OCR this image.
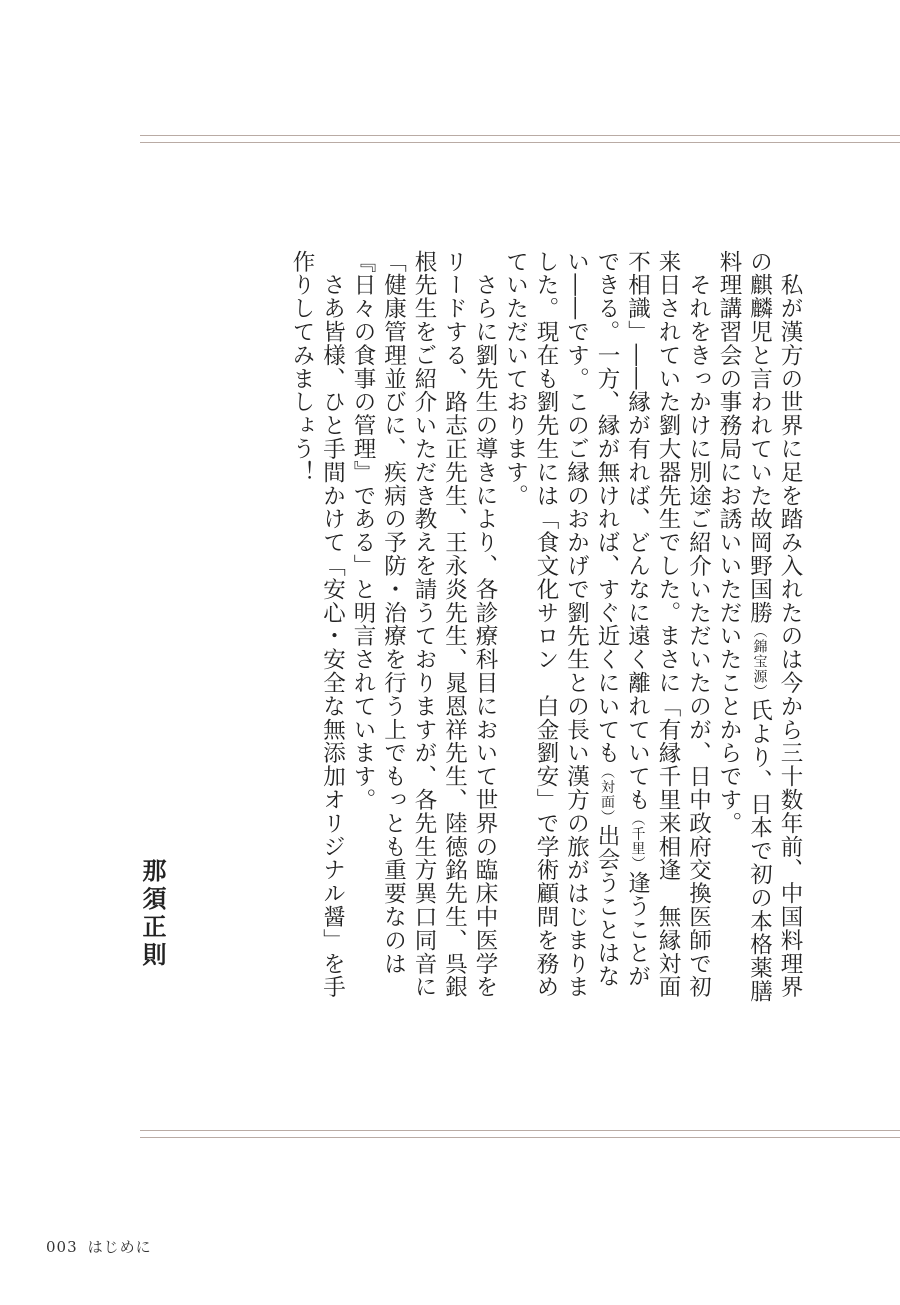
　私が漢方の世界に足を踏み入れたのは今から三十数年前、中国料理界の麒麟児と言われていた故岡野国勝（錦宝源）氏より、日本で初の本格薬膳料理講習会の事務局にお誘いいただいたことからです。

　それをきっかけに別途ご紹介いただいたのが、日中政府交換医師で初来日されていた劉大器先生でした。まさに「有縁千里来相逢　無縁対面不相識」――縁が有れば、どんなに遠く離れていても（千里）逢うことができる。一方、縁が無ければ、すぐ近くにいても（対面）出会うことはない――です。このご縁のおかげで劉先生との長い漢方の旅がはじまりました。現在も劉先生には「食文化サロン　白金劉安」で学術顧問を務めていただいております。

　さらに劉先生の導きにより、各診療科目において世界の臨床中医学をリードする、路志正先生、王永炎先生、晁恩祥先生、陸徳銘先生、呉銀根先生をご紹介いただき教えを請うておりますが、各先生方異口同音に「健康管理並びに、疾病の予防・治療を行う上でもっとも重要なのは『日々の食事の管理』である」と明言されています。

　さあ皆様、ひと手間かけて「安心・安全な無添加オリジナル醤」を手作りしてみましょう！

那須正則
003 はじめに
